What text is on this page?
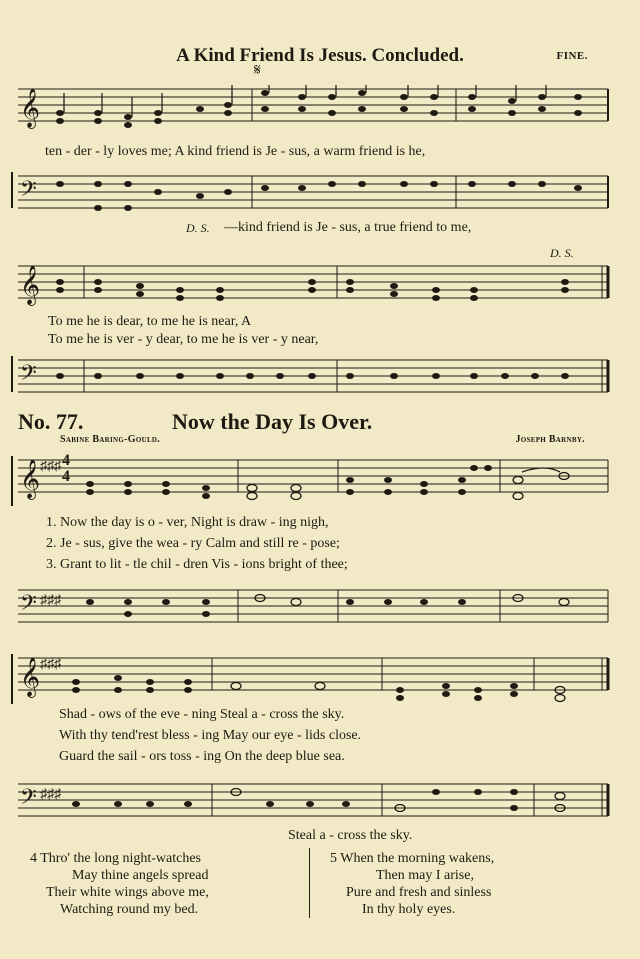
A Kind Friend Is Jesus. Concluded.	FINE.
𝄋
𝄞
ten - der - ly loves me; A kind friend is Je - sus, a warm friend is he,
𝄢
D. S. —kind friend is Je - sus, a true friend to me,
D. S.
𝄞
To me he is dear, to me he is near, A
To me he is ver - y dear, to me he is ver - y near,
𝄢
No. 77.	Now the Day Is Over.
Sabine Baring-Gould.	Joseph Barnby.
𝄞 ♯♯♯
1. Now the day is o - ver, Night is draw - ing nigh,
2. Je - sus, give the wea - ry Calm and still re - pose;
3. Grant to lit - tle chil - dren Vis - ions bright of thee;
𝄢 ♯♯♯
𝄞 ♯♯♯
Shad - ows of the eve - ning Steal a - cross the sky.
With thy tend'rest bless - ing May our eye - lids close.
Guard the sail - ors toss - ing On the deep blue sea.
𝄢 ♯♯♯
Steal a - cross the sky.
4 Thro' the long night-watches
May thine angels spread
Their white wings above me,
Watching round my bed.
5 When the morning wakens,
Then may I arise,
Pure and fresh and sinless
In thy holy eyes.
4
4
